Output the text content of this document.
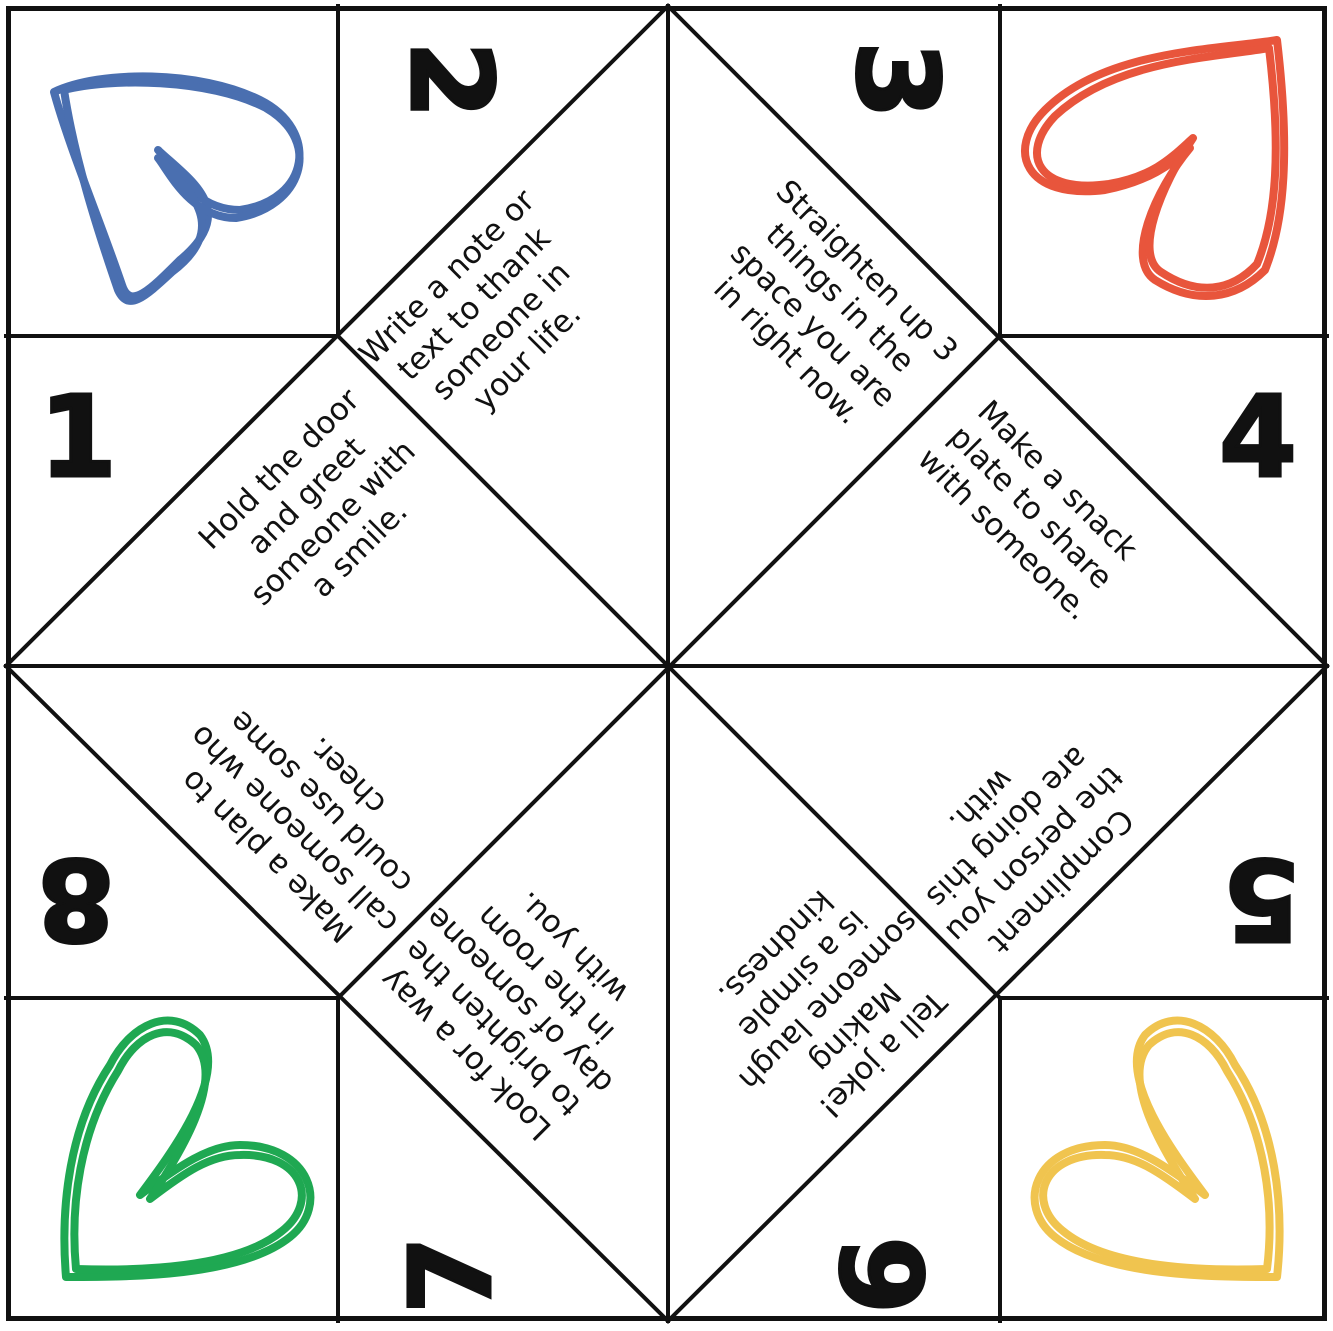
1
2	3
4
5
6
7
8
Hold the door
and greet
someone with
a smile.
Write a note or
text to thank
someone in
your life.	Straighten up 3
things in the
space you are
in right now.
Make a snack
plate to share
with someone.
Compliment
the person you
are doing this
with.
Tell a joke!
Making
someone laugh
is a simple
kindness.
Look for a way
to brighten the
day of someone
in the room
with you.
Make a plan to
call someone who
could use some
cheer.
